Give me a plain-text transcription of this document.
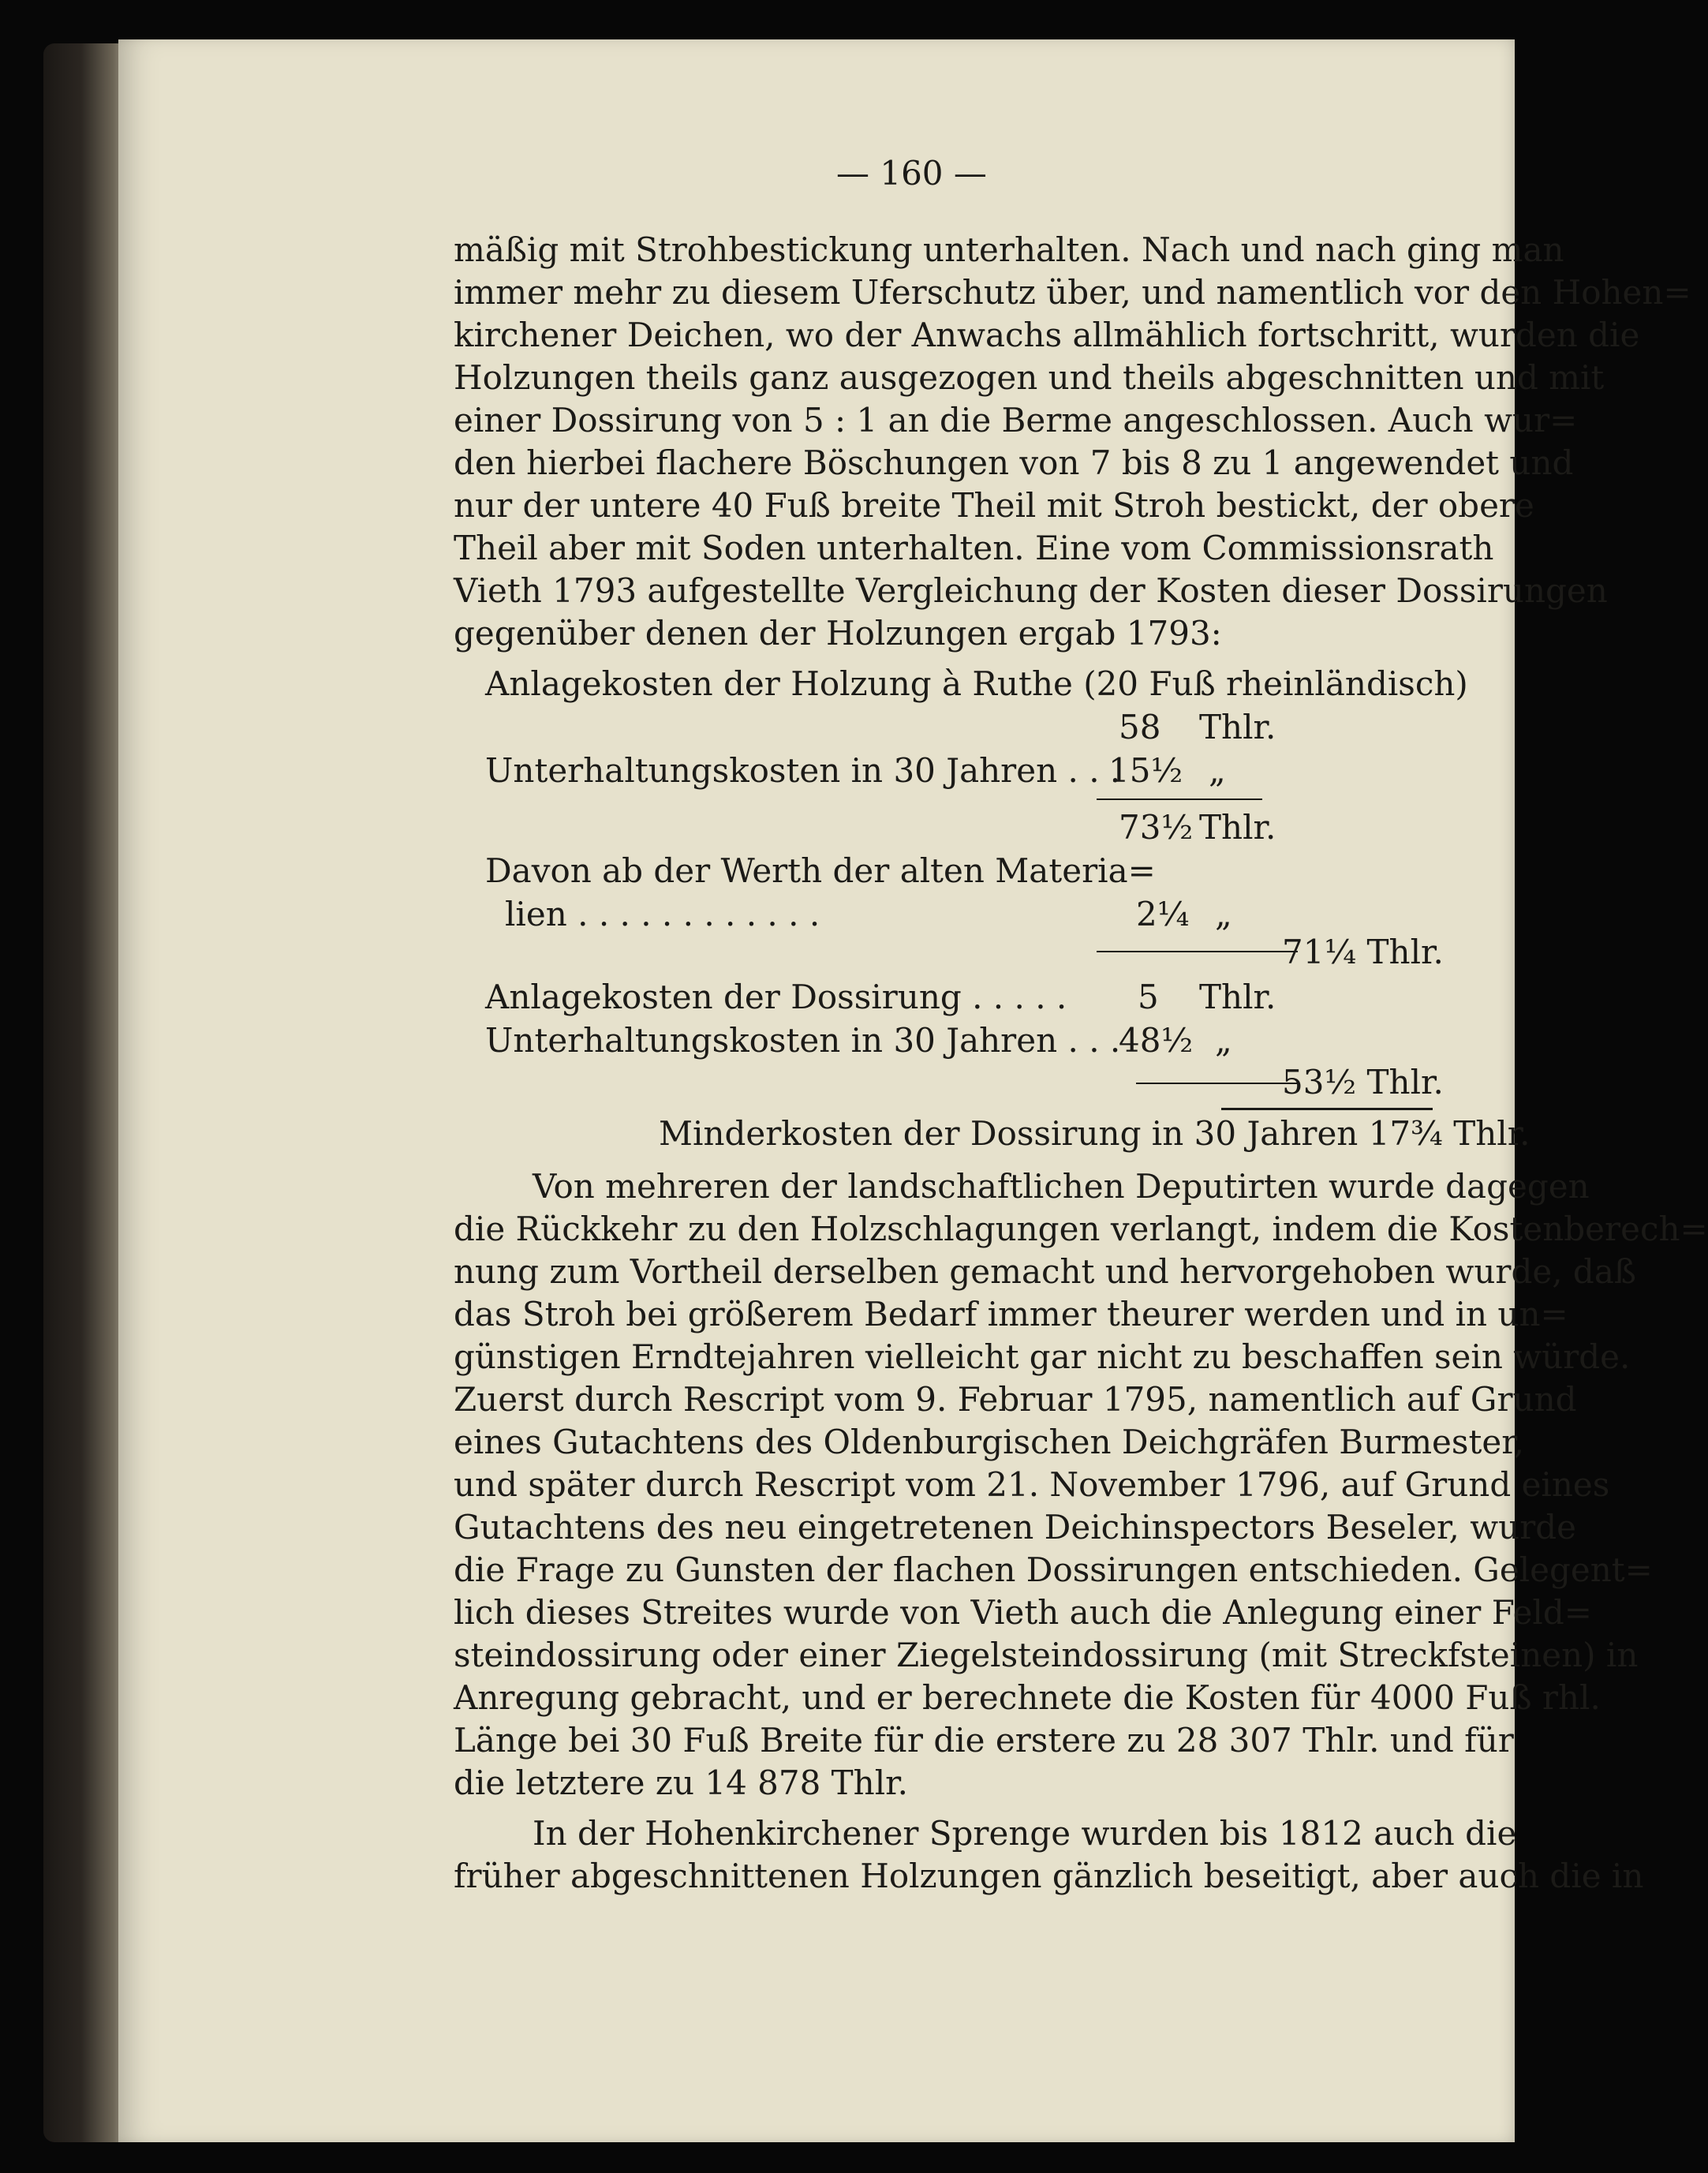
— 160 —
mäßig mit Strohbestickung unterhalten. Nach und nach ging man
immer mehr zu diesem Uferschutz über, und namentlich vor den Hohen=
kirchener Deichen, wo der Anwachs allmählich fortschritt, wurden die
Holzungen theils ganz ausgezogen und theils abgeschnitten und mit
einer Dossirung von 5 : 1 an die Berme angeschlossen. Auch wur=
den hierbei flachere Böschungen von 7 bis 8 zu 1 angewendet und
nur der untere 40 Fuß breite Theil mit Stroh bestickt, der obere
Theil aber mit Soden unterhalten. Eine vom Commissionsrath
Vieth 1793 aufgestellte Vergleichung der Kosten dieser Dossirungen
gegenüber denen der Holzungen ergab 1793:
Anlagekosten der Holzung à Ruthe (20 Fuß rheinländisch)
58 Thlr.
Unterhaltungskosten in 30 Jahren . . .
15½ „
73½ Thlr.
Davon ab der Werth der alten Materia=
lien . . . . . . . . . . . .	2¼ „
71¼ Thlr.
Anlagekosten der Dossirung . . . . . 5 Thlr.
Unterhaltungskosten in 30 Jahren . . .
48½ „
53½ Thlr.
Minderkosten der Dossirung in 30 Jahren 17¾ Thlr.
Von mehreren der landschaftlichen Deputirten wurde dagegen
die Rückkehr zu den Holzschlagungen verlangt, indem die Kostenberech=
nung zum Vortheil derselben gemacht und hervorgehoben wurde, daß
das Stroh bei größerem Bedarf immer theurer werden und in un=
günstigen Erndtejahren vielleicht gar nicht zu beschaffen sein würde.
Zuerst durch Rescript vom 9. Februar 1795, namentlich auf Grund
eines Gutachtens des Oldenburgischen Deichgräfen Burmester,
und später durch Rescript vom 21. November 1796, auf Grund eines
Gutachtens des neu eingetretenen Deichinspectors Beseler, wurde
die Frage zu Gunsten der flachen Dossirungen entschieden. Gelegent=
lich dieses Streites wurde von Vieth auch die Anlegung einer Feld=
steindossirung oder einer Ziegelsteindossirung (mit Streckfsteinen) in
Anregung gebracht, und er berechnete die Kosten für 4000 Fuß rhl.
Länge bei 30 Fuß Breite für die erstere zu 28 307 Thlr. und für
die letztere zu 14 878 Thlr.
In der Hohenkirchener Sprenge wurden bis 1812 auch die
früher abgeschnittenen Holzungen gänzlich beseitigt, aber auch die in
